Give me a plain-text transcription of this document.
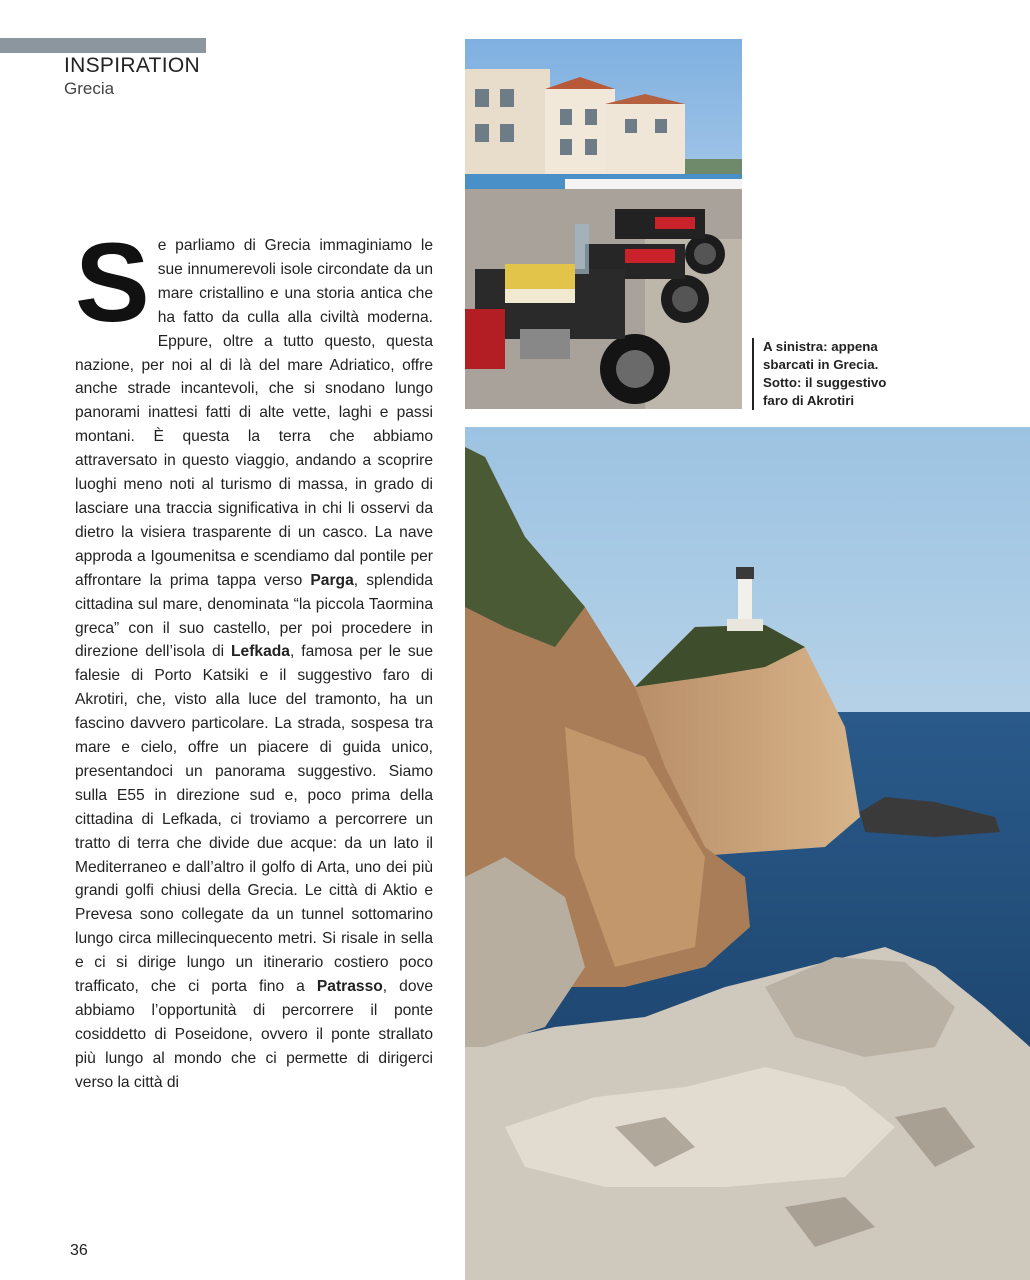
INSPIRATION
Grecia
Se parliamo di Grecia immaginiamo le sue innumerevoli isole circondate da un mare cristallino e una storia antica che ha fatto da culla alla civiltà moderna. Eppure, oltre a tutto questo, questa nazione, per noi al di là del mare Adriatico, offre anche strade incantevoli, che si snodano lungo panorami inattesi fatti di alte vette, laghi e passi montani. È questa la terra che abbiamo attraversato in questo viaggio, andando a scoprire luoghi meno noti al turismo di massa, in grado di lasciare una traccia significativa in chi li osservi da dietro la visiera trasparente di un casco. La nave approda a Igoumenitsa e scendiamo dal pontile per affrontare la prima tappa verso Parga, splendida cittadina sul mare, denominata “la piccola Taormina greca” con il suo castello, per poi procedere in direzione dell’isola di Lefkada, famosa per le sue falesie di Porto Katsiki e il suggestivo faro di Akrotiri, che, visto alla luce del tramonto, ha un fascino davvero particolare. La strada, sospesa tra mare e cielo, offre un piacere di guida unico, presentandoci un panorama suggestivo. Siamo sulla E55 in direzione sud e, poco prima della cittadina di Lefkada, ci troviamo a percorrere un tratto di terra che divide due acque: da un lato il Mediterraneo e dall’altro il golfo di Arta, uno dei più grandi golfi chiusi della Grecia. Le città di Aktio e Prevesa sono collegate da un tunnel sottomarino lungo circa millecinquecento metri. Si risale in sella e ci si dirige lungo un itinerario costiero poco trafficato, che ci porta fino a Patrasso, dove abbiamo l’opportunità di percorrere il ponte cosiddetto di Poseidone, ovvero il ponte strallato più lungo al mondo che ci permette di dirigerci verso la città di
A sinistra: appena
sbarcati in Grecia.
Sotto: il suggestivo
faro di Akrotiri
36
